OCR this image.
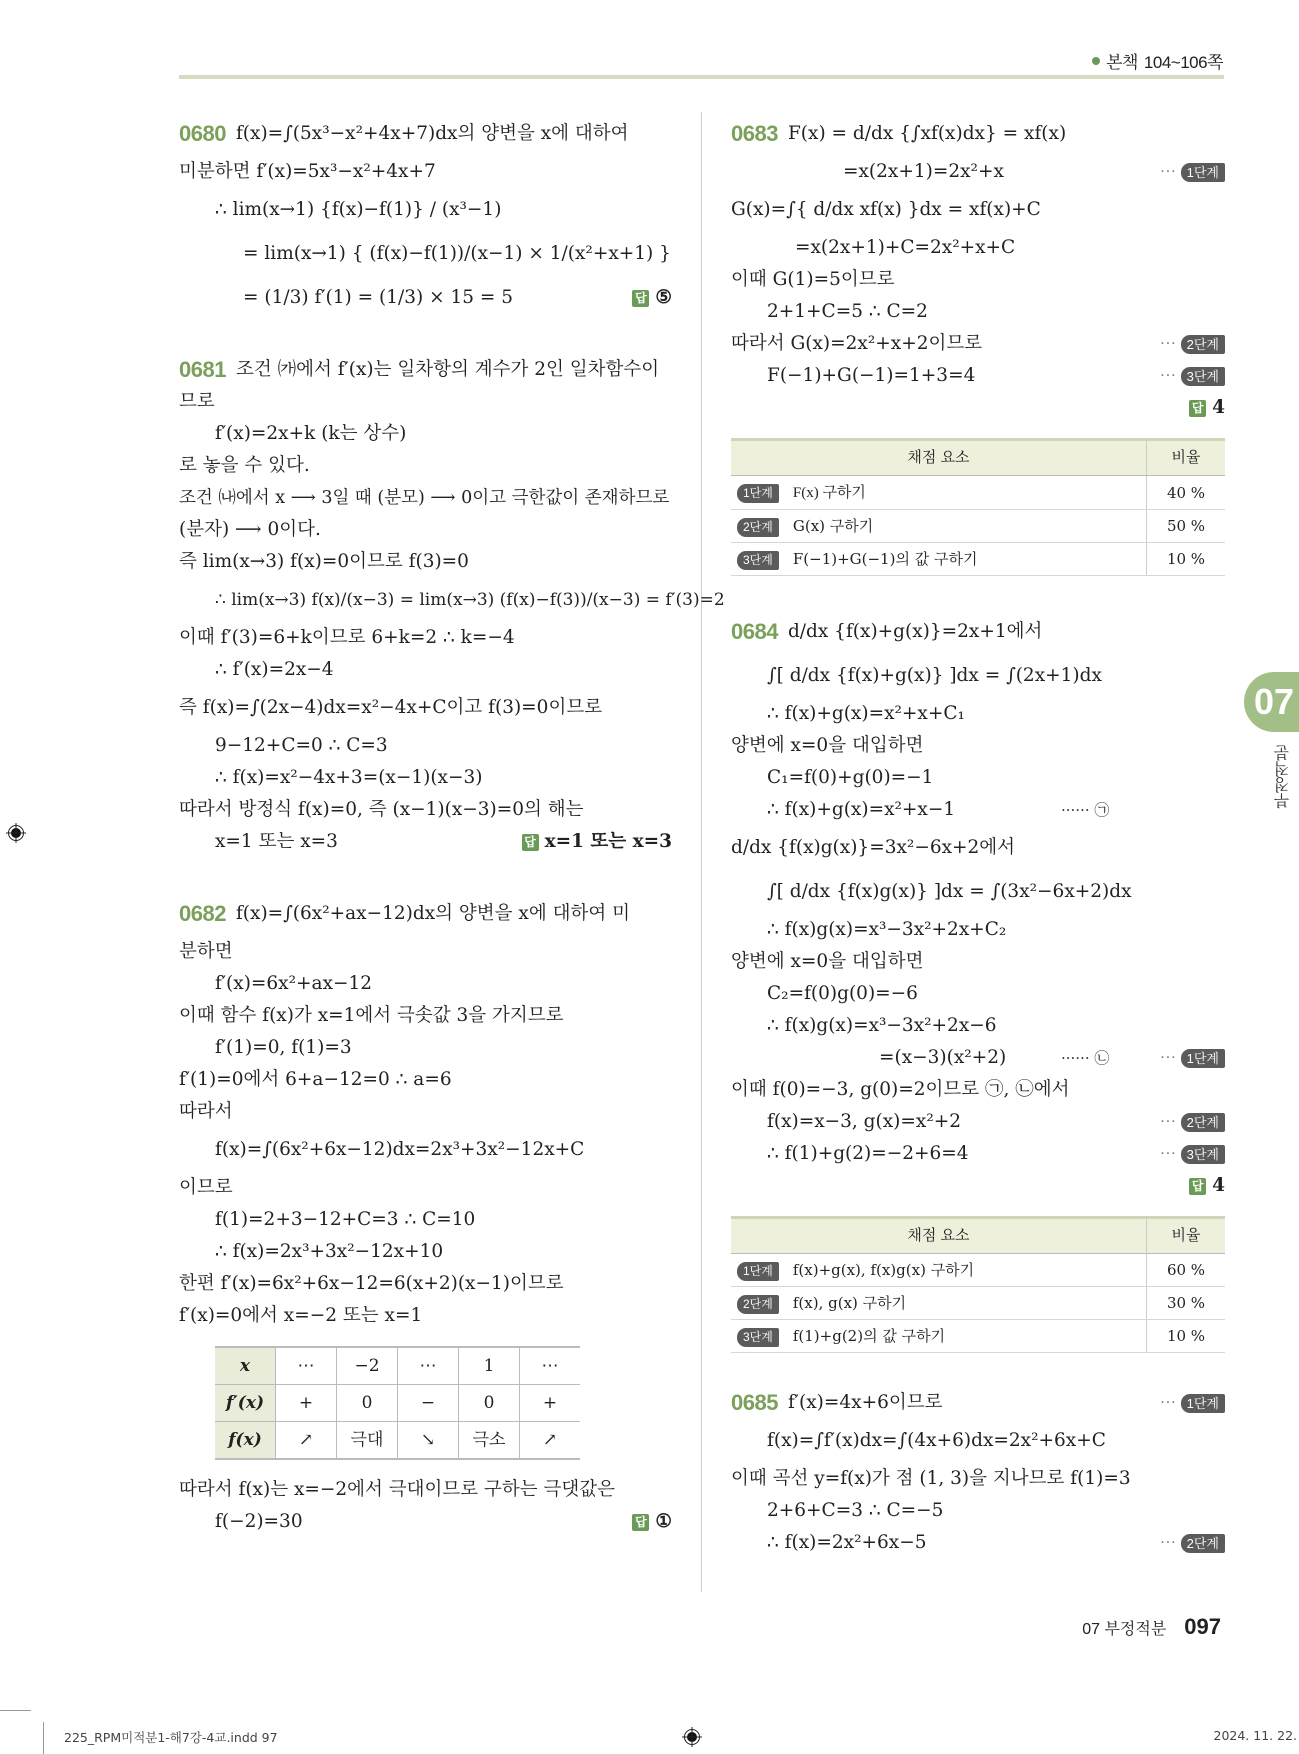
본책 104~106쪽
0680 f(x)=∫(5x³−x²+4x+7)dx의 양변을 x에 대하여
미분하면 f′(x)=5x³−x²+4x+7
∴ lim(x→1) {f(x)−f(1)} / (x³−1)
= lim(x→1) { (f(x)−f(1))/(x−1) × 1/(x²+x+1) }
= (1/3) f′(1) = (1/3) × 15 = 5	답 ⑤
0681 조건 ㈎에서 f′(x)는 일차항의 계수가 2인 일차함수이
므로
f′(x)=2x+k (k는 상수)
로 놓을 수 있다.
조건 ㈏에서 x ⟶ 3일 때 (분모) ⟶ 0이고 극한값이 존재하므로
(분자) ⟶ 0이다.
즉 lim(x→3) f(x)=0이므로 f(3)=0
∴ lim(x→3) f(x)/(x−3) = lim(x→3) (f(x)−f(3))/(x−3) = f′(3)=2
이때 f′(3)=6+k이므로 6+k=2 ∴ k=−4
∴ f′(x)=2x−4
즉 f(x)=∫(2x−4)dx=x²−4x+C이고 f(3)=0이므로
9−12+C=0 ∴ C=3
∴ f(x)=x²−4x+3=(x−1)(x−3)
따라서 방정식 f(x)=0, 즉 (x−1)(x−3)=0의 해는
x=1 또는 x=3	답 x=1 또는 x=3
0682 f(x)=∫(6x²+ax−12)dx의 양변을 x에 대하여 미
분하면
f′(x)=6x²+ax−12
이때 함수 f(x)가 x=1에서 극솟값 3을 가지므로
f′(1)=0, f(1)=3
f′(1)=0에서 6+a−12=0 ∴ a=6
따라서
f(x)=∫(6x²+6x−12)dx=2x³+3x²−12x+C
이므로
f(1)=2+3−12+C=3 ∴ C=10
∴ f(x)=2x³+3x²−12x+10
한편 f′(x)=6x²+6x−12=6(x+2)(x−1)이므로
f′(x)=0에서 x=−2 또는 x=1
x	⋯	−2	⋯	1	⋯
f′(x)	+	0	−	0	+
f(x)	↗	극대	↘	극소	↗
따라서 f(x)는 x=−2에서 극대이므로 구하는 극댓값은
f(−2)=30	답 ①
0683 F(x) = d/dx {∫xf(x)dx} = xf(x)
=x(2x+1)=2x²+x	··· 1단계
G(x)=∫{ d/dx xf(x) }dx = xf(x)+C
=x(2x+1)+C=2x²+x+C
이때 G(1)=5이므로
2+1+C=5 ∴ C=2
따라서 G(x)=2x²+x+2이므로	··· 2단계
F(−1)+G(−1)=1+3=4	··· 3단계
답 4
채점 요소	비율
1단계 F(x) 구하기	40 %
2단계 G(x) 구하기	50 %
3단계 F(−1)+G(−1)의 값 구하기	10 %
0684 d/dx {f(x)+g(x)}=2x+1에서
∫[ d/dx {f(x)+g(x)} ]dx = ∫(2x+1)dx
∴ f(x)+g(x)=x²+x+C₁
양변에 x=0을 대입하면
C₁=f(0)+g(0)=−1
∴ f(x)+g(x)=x²+x−1	······ ㉠
d/dx {f(x)g(x)}=3x²−6x+2에서
∫[ d/dx {f(x)g(x)} ]dx = ∫(3x²−6x+2)dx
∴ f(x)g(x)=x³−3x²+2x+C₂
양변에 x=0을 대입하면
C₂=f(0)g(0)=−6
∴ f(x)g(x)=x³−3x²+2x−6
=(x−3)(x²+2)	······ ㉡	··· 1단계
이때 f(0)=−3, g(0)=2이므로 ㉠, ㉡에서
f(x)=x−3, g(x)=x²+2	··· 2단계
∴ f(1)+g(2)=−2+6=4	··· 3단계
답 4
채점 요소	비율
1단계 f(x)+g(x), f(x)g(x) 구하기	60 %
2단계 f(x), g(x) 구하기	30 %
3단계 f(1)+g(2)의 값 구하기	10 %
0685 f′(x)=4x+6이므로	··· 1단계
f(x)=∫f′(x)dx=∫(4x+6)dx=2x²+6x+C
이때 곡선 y=f(x)가 점 (1, 3)을 지나므로 f(1)=3
2+6+C=3 ∴ C=−5
∴ f(x)=2x²+6x−5	··· 2단계
07
부정적분
07 부정적분 097
225_RPM미적분1-해7강-4교.indd 97	2024. 11. 22.
